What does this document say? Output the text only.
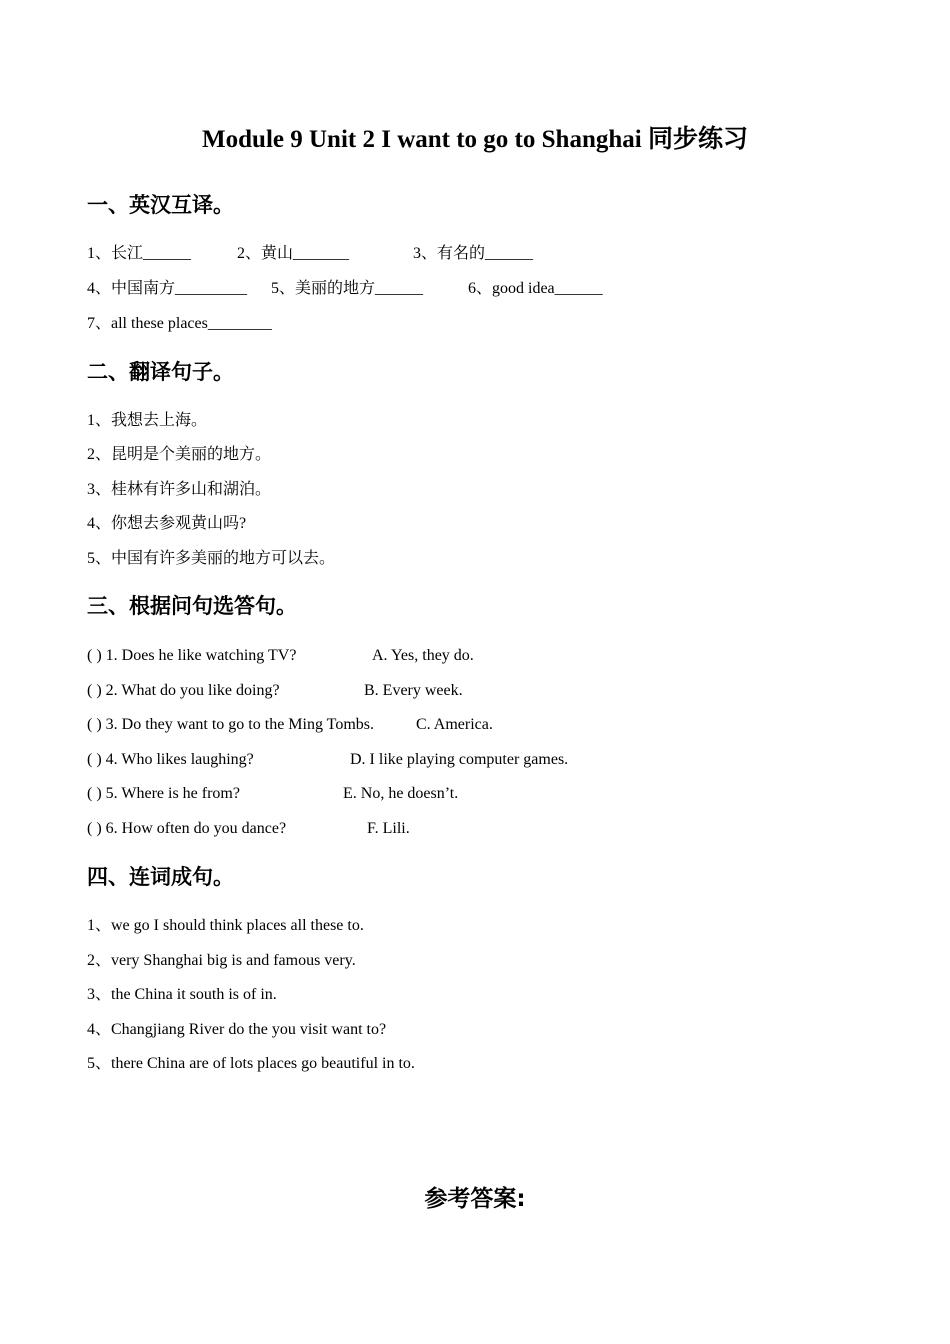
Module 9 Unit 2 I want to go to Shanghai 同步练习
一、英汉互译。
1、长江______	2、黄山_______	3、有名的______
4、中国南方_________ 5、美丽的地方______	6、good idea______
7、all these places________
二、翻译句子。
1、我想去上海。
2、昆明是个美丽的地方。
3、桂林有许多山和湖泊。
4、你想去参观黄山吗?
5、中国有许多美丽的地方可以去。
三、根据问句选答句。
( ) 1. Does he like watching TV?	A. Yes, they do.
( ) 2. What do you like doing?	B. Every week.
( ) 3. Do they want to go to the Ming Tombs.	C. America.
( ) 4. Who likes laughing?	D. I like playing computer games.
( ) 5. Where is he from?	E. No, he doesn’t.
( ) 6. How often do you dance?	F. Lili.
四、连词成句。
1、we go I should think places all these to.
2、very Shanghai big is and famous very.
3、the China it south is of in.
4、Changjiang River do the you visit want to?
5、there China are of lots places go beautiful in to.
参考答案:
